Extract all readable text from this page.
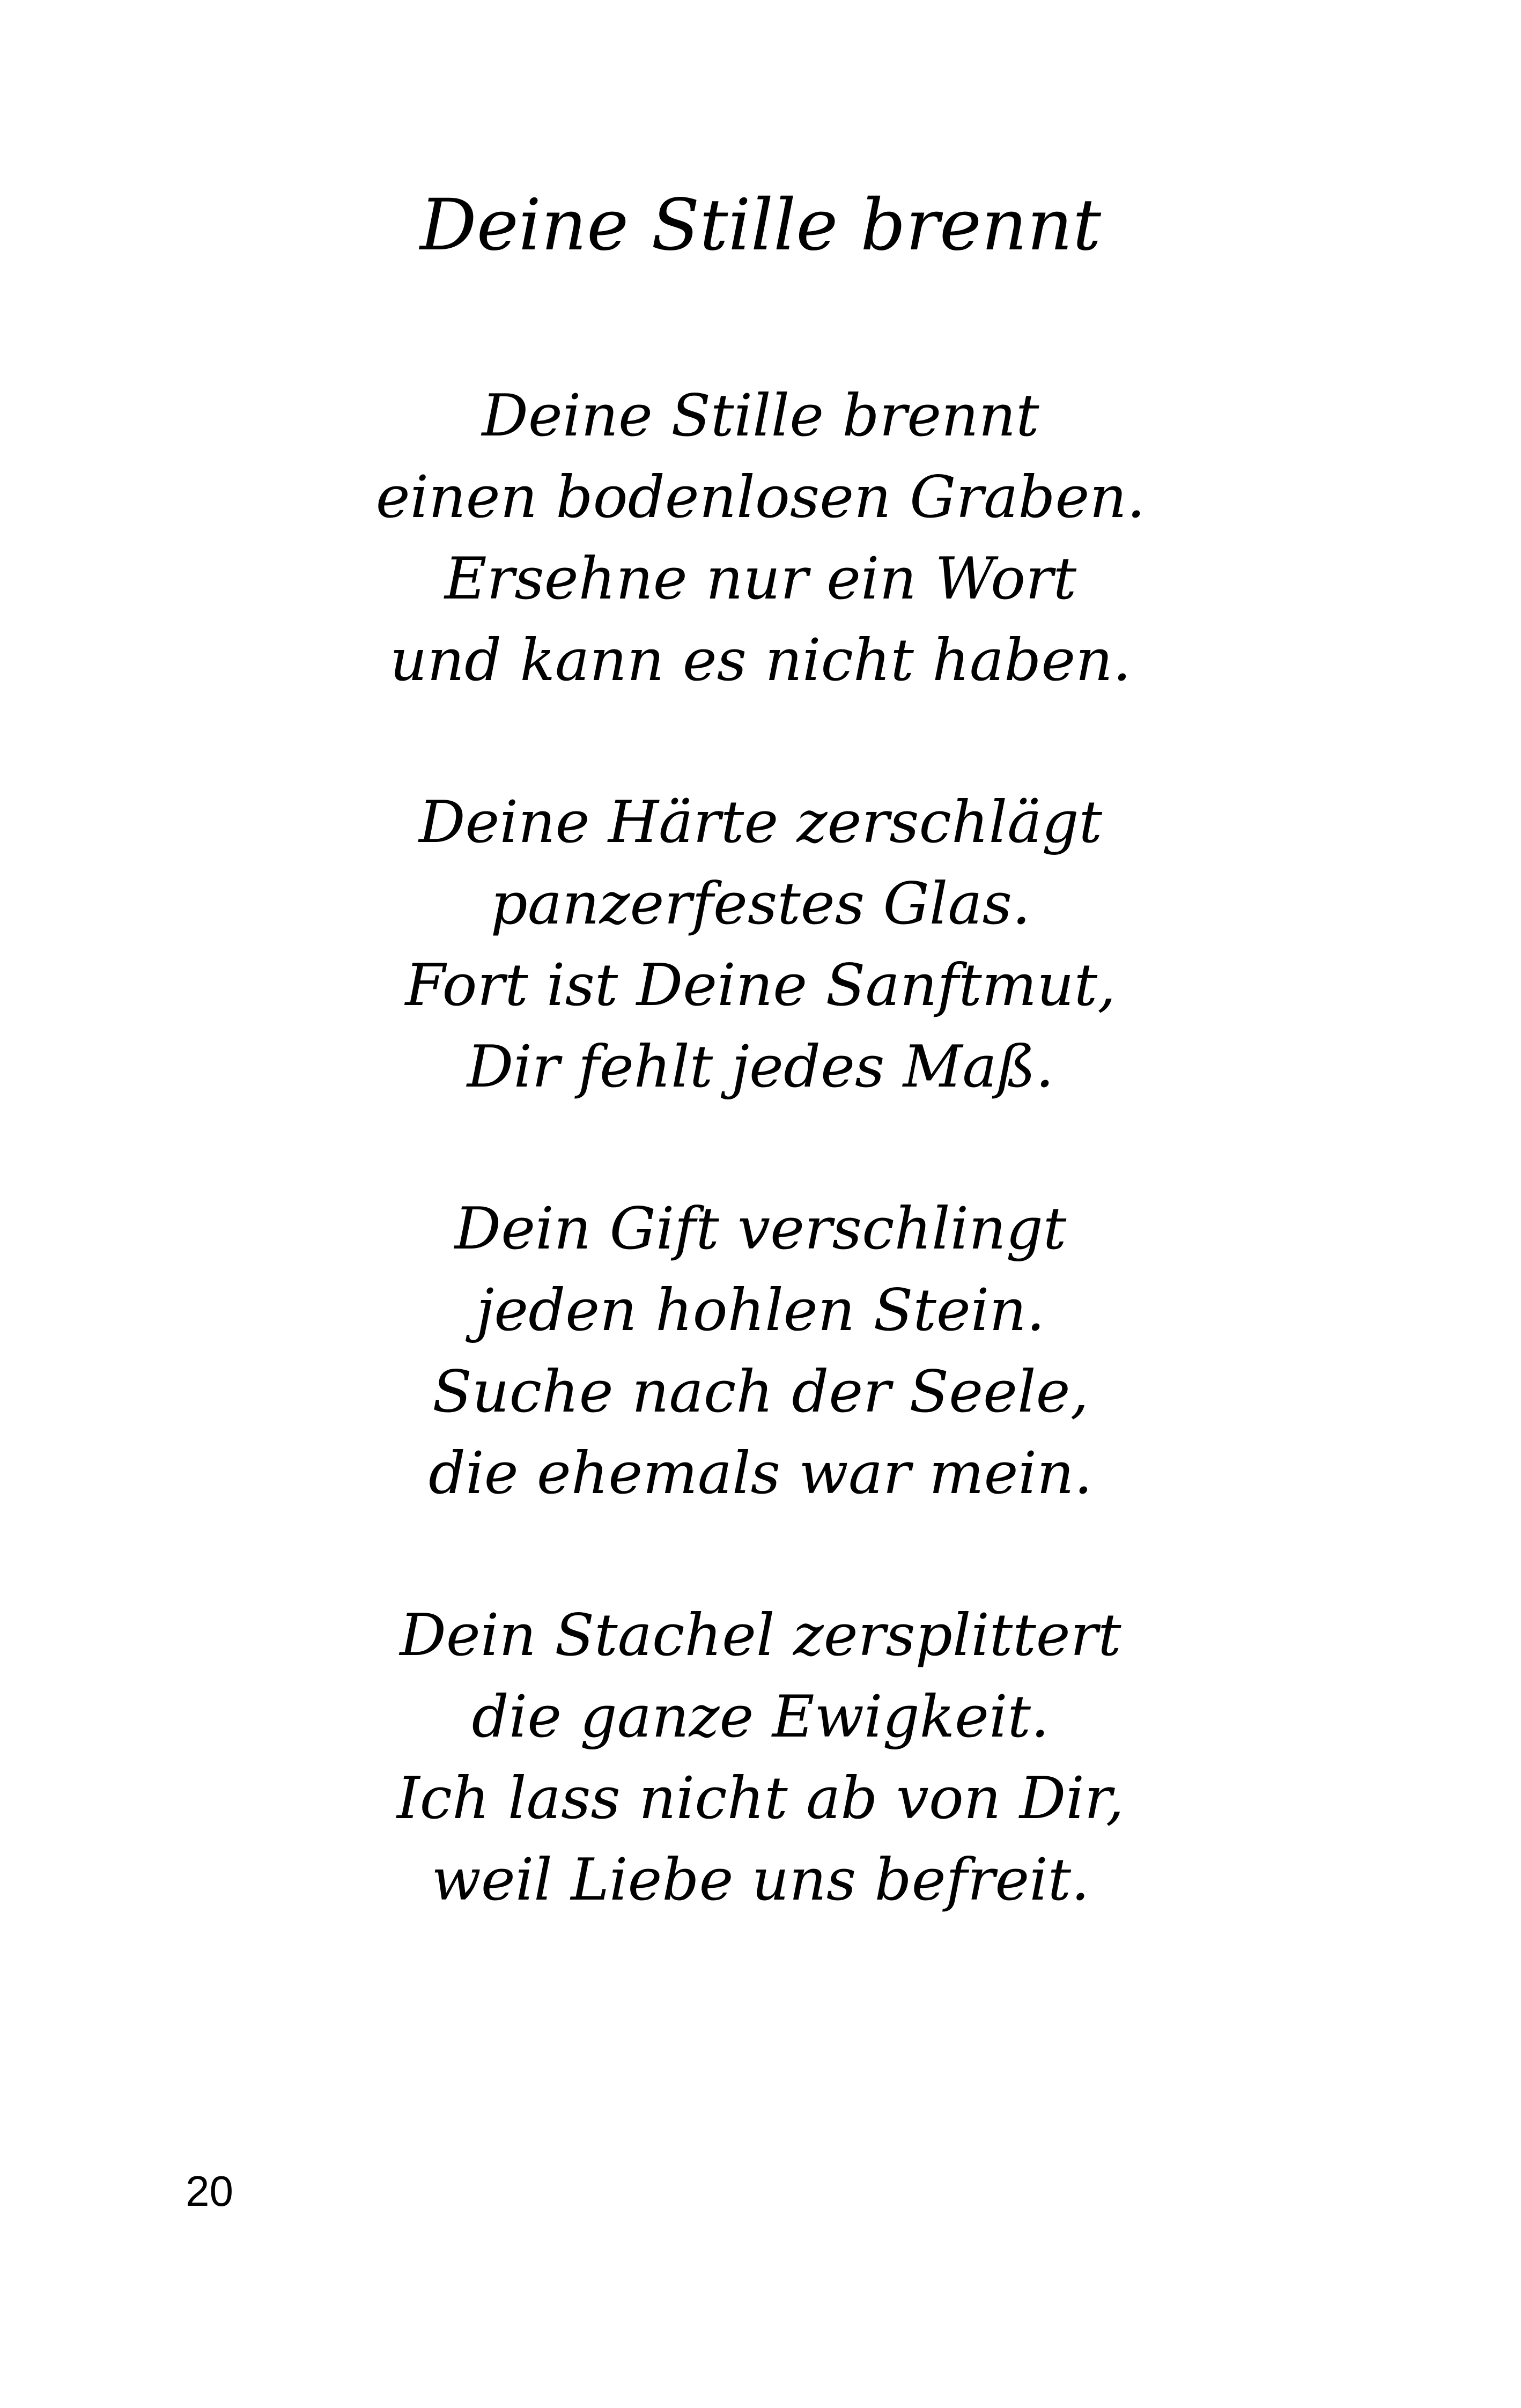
Deine Stille brennt
Deine Stille brennt
einen bodenlosen Graben.
Ersehne nur ein Wort
und kann es nicht haben.
Deine Härte zerschlägt
panzerfestes Glas.
Fort ist Deine Sanftmut,
Dir fehlt jedes Maß.
Dein Gift verschlingt
jeden hohlen Stein.
Suche nach der Seele,
die ehemals war mein.
Dein Stachel zersplittert
die ganze Ewigkeit.
Ich lass nicht ab von Dir,
weil Liebe uns befreit.
20
